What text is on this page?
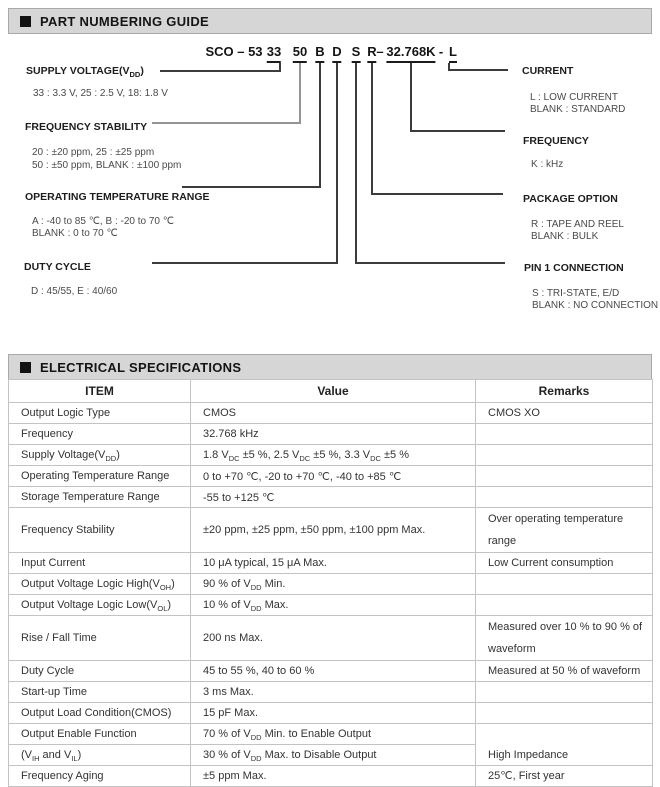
PART NUMBERING GUIDE
SCO – 53 33 50 B D S R – 32.768K - L
SUPPLY $VOLTAGE(V_{DD})$
33 : 3.3 V, 25 : 2.5 V, 18: 1.8 V
FREQUENCY STABILITY
20 : ±20 ppm, 25 : ±25 ppm
50 : ±50 ppm, BLANK : ±100 ppm
OPERATING TEMPERATURE RANGE
A : -40 to 85 ℃, B : -20 to 70 ℃
BLANK : 0 to 70 ℃
DUTY CYCLE
D : 45/55, E : 40/60
CURRENT
L : LOW CURRENT
BLANK : STANDARD
FREQUENCY
K : kHz
PACKAGE OPTION
R : TAPE AND REEL
BLANK : BULK
PIN 1 CONNECTION
S : TRI-STATE, E/D
BLANK : NO CONNECTION
ELECTRICAL SPECIFICATIONS
ITEM	Value	Remarks
Output Logic Type	CMOS	CMOS XO
Frequency	32.768 kHz	
Supply $Voltage(V_{DD})$	1.8 $V_{DC} \pm 5$ %, 2.5 $V_{DC} \pm 5$ %, 3.3 $V_{DC} \pm 5$ %	
Operating Temperature Range	0 to +70 ℃, -20 to +70 ℃, -40 to +85 ℃	
Storage Temperature Range	-55 to +125 ℃	
Frequency Stability	±20 ppm, ±25 ppm, ±50 ppm, ±100 ppm Max.	Over operating temperature range
Input Current	10 μA typical, 15 μA Max.	Low Current consumption
Output Voltage Logic $High(V_{OH})$	90 % of $V_{DD}$ Min.	
Output Voltage Logic $Low(V_{OL})$	10 % of $V_{DD}$ Max.	
Rise / Fall Time	200 ns Max.	Measured over 10 % to 90 % of waveform
Duty Cycle	45 to 55 %, 40 to 60 %	Measured at 50 % of waveform
Start-up Time	3 ms Max.	
Output Load Condition(CMOS)	15 pF Max.	
Output Enable Function	70 % of $V_{DD}$ Min. to Enable Output	High Impedance
($V_{IH}$ and $V_{IL}$)	30 % of $V_{DD}$ Max. to Disable Output	
Frequency Aging	±5 ppm Max.	25℃, First year
